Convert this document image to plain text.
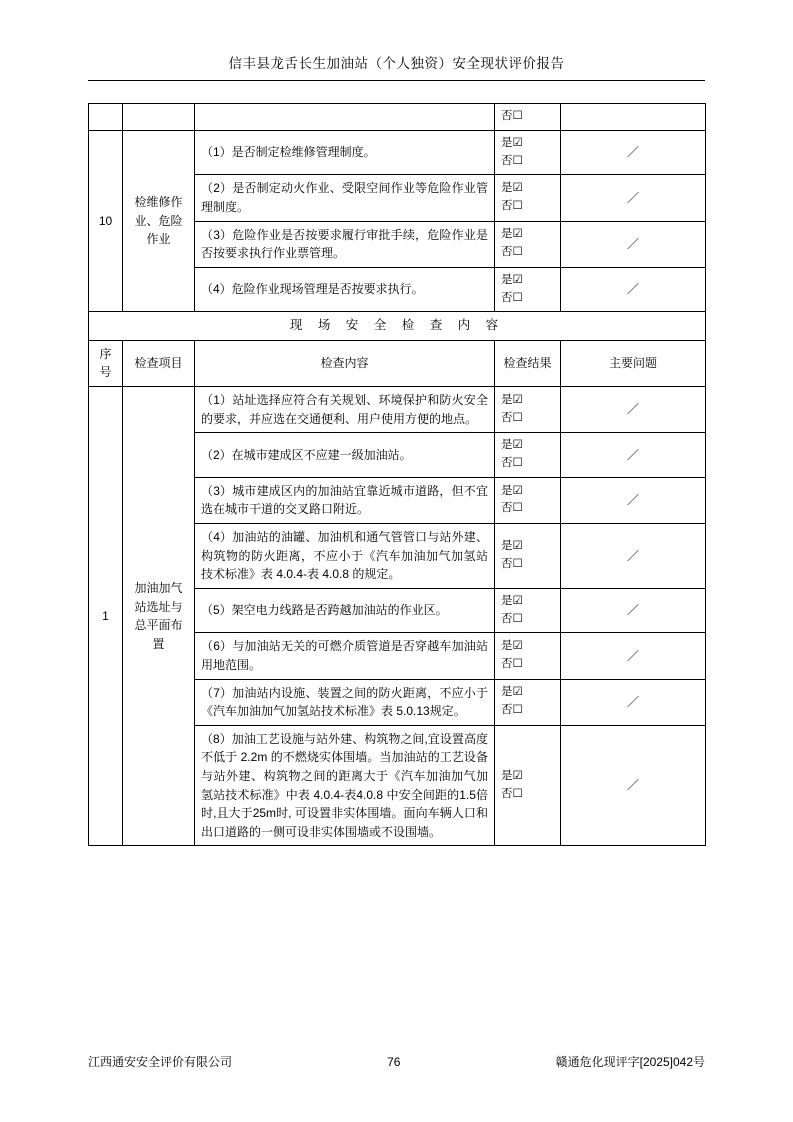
信丰县龙舌长生加油站（个人独资）安全现状评价报告

			否☐	

10	检维修作业、危险作业	（1）是否制定检维修管理制度。	是☑
否☐	／
		（2）是否制定动火作业、受限空间作业等危险作业管理制度。	是☑
否☐	／
		（3）危险作业是否按要求履行审批手续，危险作业是否按要求执行作业票管理。	是☑
否☐	／
		（4）危险作业现场管理是否按要求执行。	是☑
否☐	／
现 场 安 全 检 查 内 容				
序号	检查项目	检查内容	检查结果	主要问题
1	加油加气站选址与总平面布置	（1）站址选择应符合有关规划、环境保护和防火安全的要求，并应选在交通便利、用户使用方便的地点。	是☑
否☐	／
		（2）在城市建成区不应建一级加油站。	是☑
否☐	／
		（3）城市建成区内的加油站宜靠近城市道路，但不宜选在城市干道的交叉路口附近。	是☑
否☐	／
		（4）加油站的油罐、加油机和通气管管口与站外建、构筑物的防火距离，不应小于《汽车加油加气加氢站技术标准》表 4.0.4-表 4.0.8 的规定。	是☑
否☐	／
		（5）架空电力线路是否跨越加油站的作业区。	是☑
否☐	／
		（6）与加油站无关的可燃介质管道是否穿越车加油站用地范围。	是☑
否☐	／
		（7）加油站内设施、装置之间的防火距离，不应小于《汽车加油加气加氢站技术标准》表 5.0.13规定。	是☑
否☐	／
		（8）加油工艺设施与站外建、构筑物之间,宜设置高度不低于 2.2m 的不燃烧实体围墙。当加油站的工艺设备与站外建、构筑物之间的距离大于《汽车加油加气加氢站技术标准》中表 4.0.4-表4.0.8 中安全间距的1.5倍时,且大于25m时, 可设置非实体围墙。面向车辆人口和出口道路的一侧可设非实体围墙或不设围墙。	是☑
否☐	／
江西通安安全评价有限公司	76	赣通危化现评字[2025]042号
